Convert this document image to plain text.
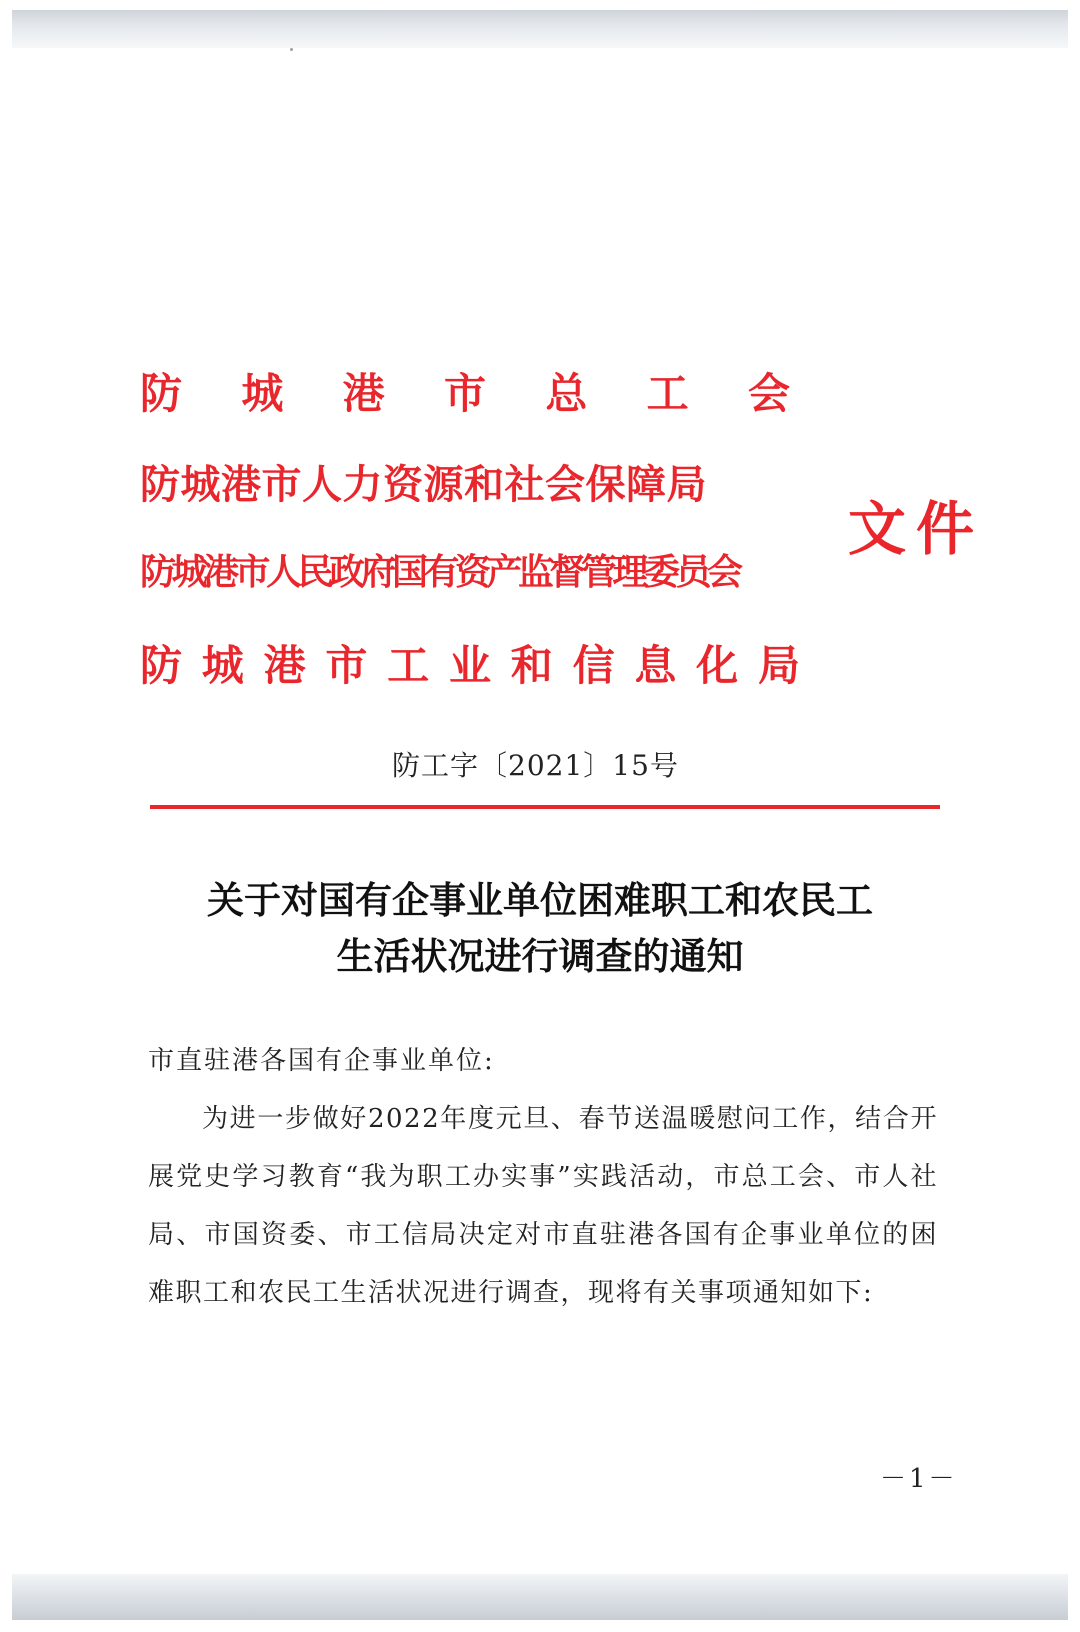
防 城 港 市 总 工 会
防城港市人力资源和社会保障局
防城港市人民政府国有资产监督管理委员会
防 城 港 市 工 业 和 信 息 化 局
文件
防工字〔2021〕15号
关于对国有企事业单位困难职工和农民工
生活状况进行调查的通知
市直驻港各国有企事业单位:
为进一步做好2022年度元旦、春节送温暖慰问工作，结合开展党史学习教育“我为职工办实事”实践活动，市总工会、市人社局、市国资委、市工信局决定对市直驻港各国有企事业单位的困难职工和农民工生活状况进行调查，现将有关事项通知如下:
－1－
